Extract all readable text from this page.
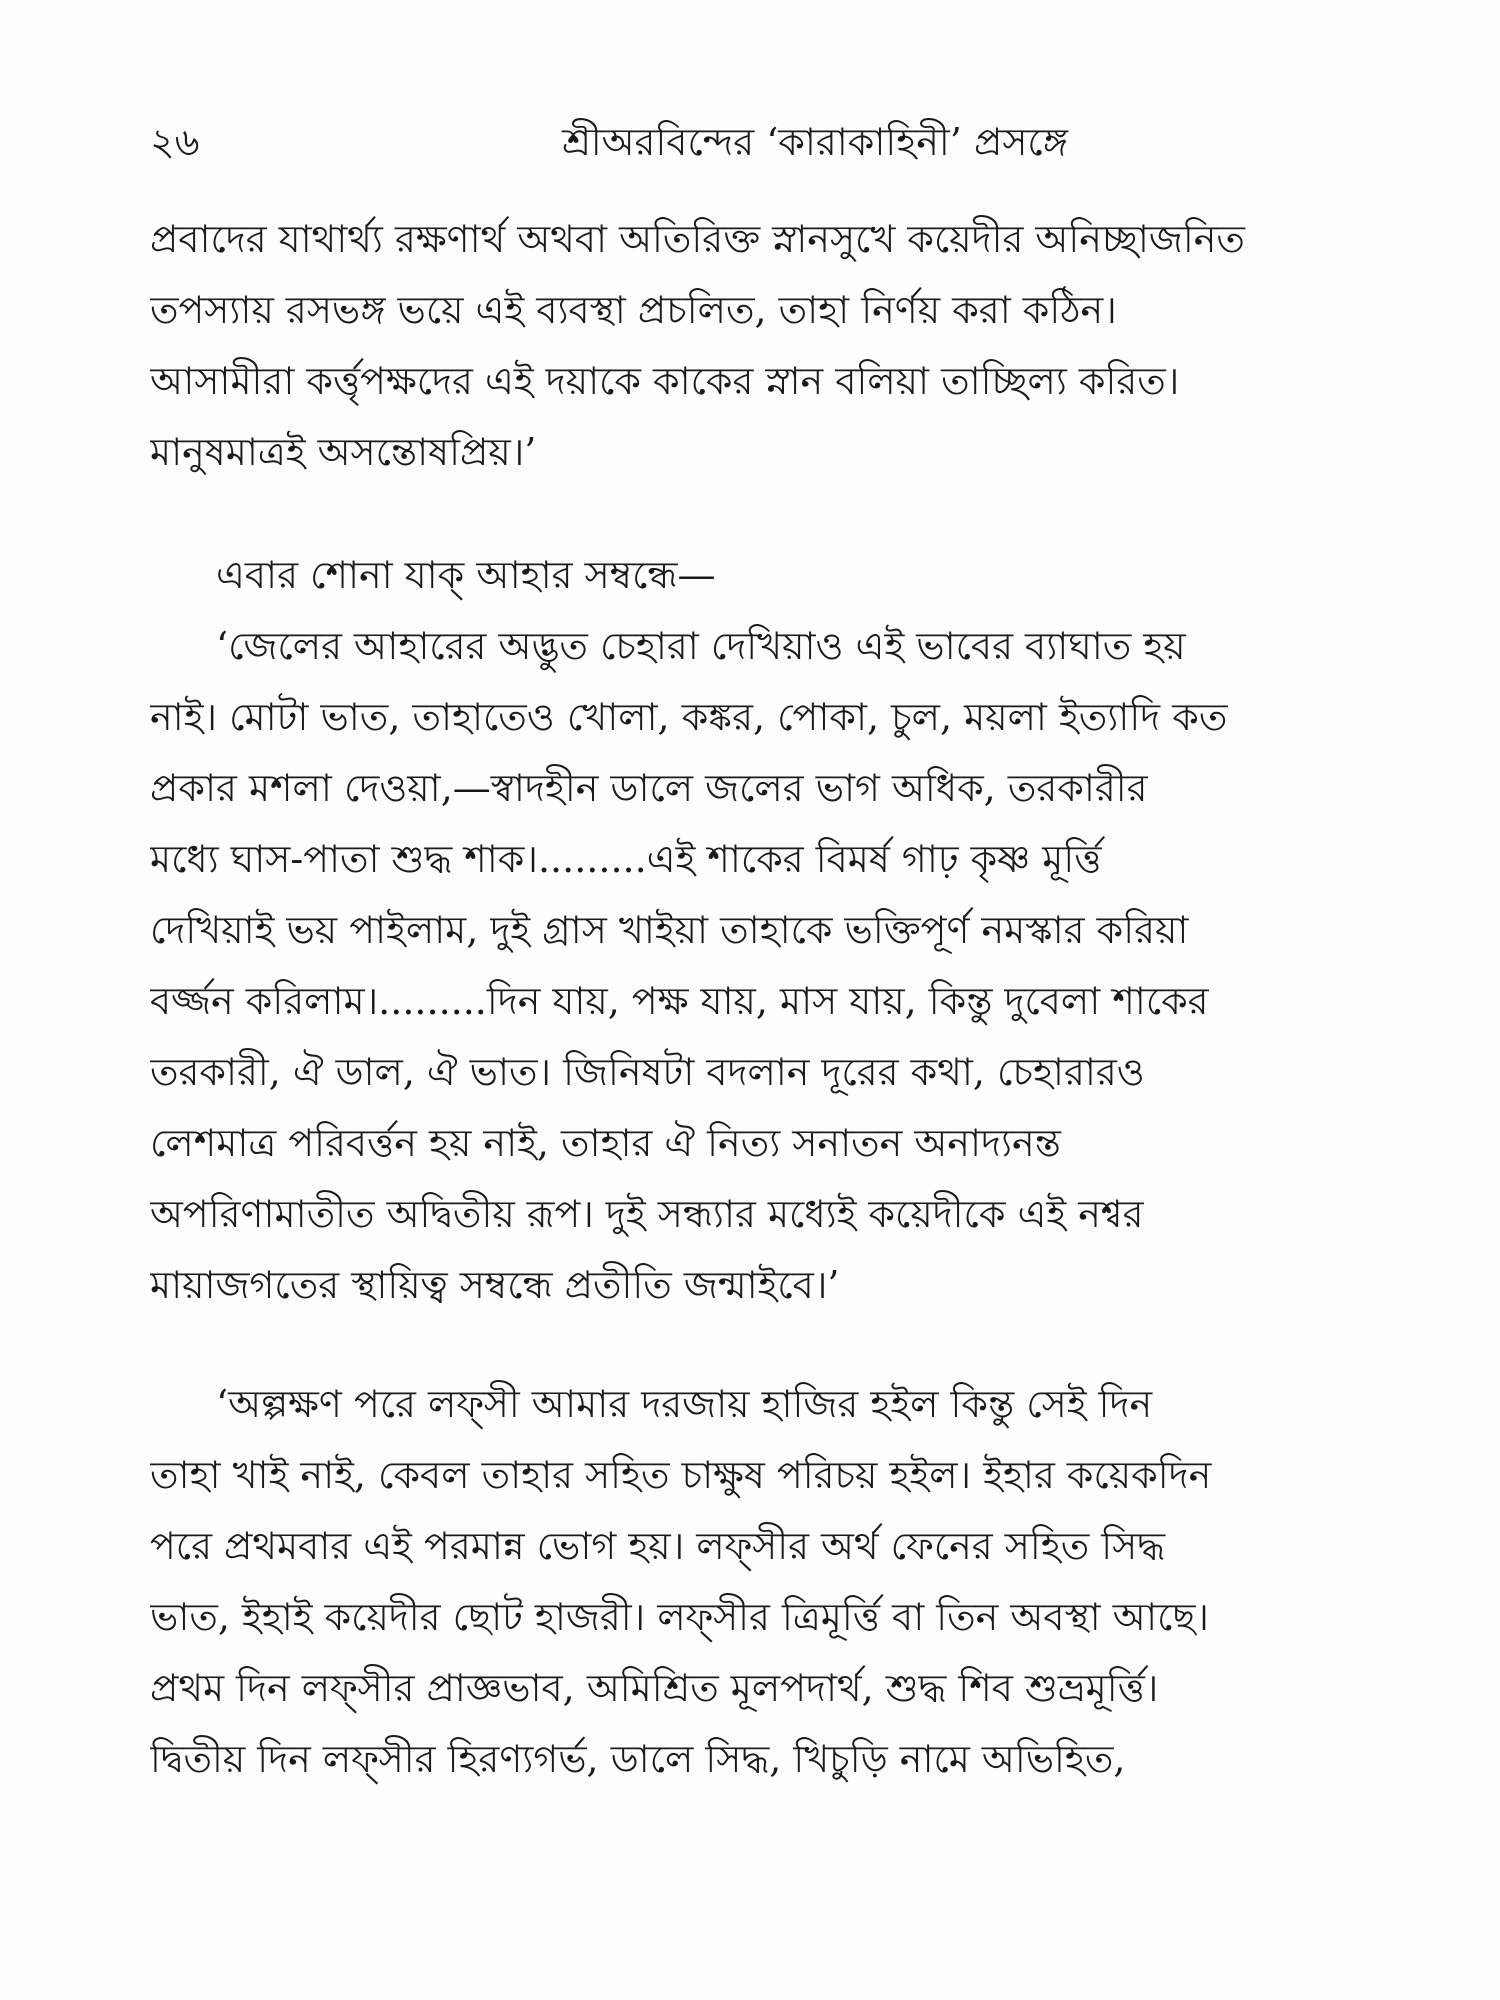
২৬	শ্রীঅরবিন্দের ‘কারাকাহিনী’ প্রসঙ্গে
প্রবাদের যাথার্থ্য রক্ষণার্থ অথবা অতিরিক্ত স্নানসুখে কয়েদীর অনিচ্ছাজনিত
তপস্যায় রসভঙ্গ ভয়ে এই ব্যবস্থা প্রচলিত, তাহা নির্ণয় করা কঠিন।
আসামীরা কর্ত্তৃপক্ষদের এই দয়াকে কাকের স্নান বলিয়া তাচ্ছিল্য করিত।
মানুষমাত্রই অসন্তোষপ্রিয়।’
এবার শোনা যাক্ আহার সম্বন্ধে—
‘জেলের আহারের অদ্ভুত চেহারা দেখিয়াও এই ভাবের ব্যাঘাত হয়
নাই। মোটা ভাত, তাহাতেও খোলা, কঙ্কর, পোকা, চুল, ময়লা ইত্যাদি কত
প্রকার মশলা দেওয়া,—স্বাদহীন ডালে জলের ভাগ অধিক, তরকারীর
মধ্যে ঘাস-পাতা শুদ্ধ শাক।.........এই শাকের বিমর্ষ গাঢ় কৃষ্ণ মূর্ত্তি
দেখিয়াই ভয় পাইলাম, দুই গ্রাস খাইয়া তাহাকে ভক্তিপূর্ণ নমস্কার করিয়া
বর্জ্জন করিলাম।.........দিন যায়, পক্ষ যায়, মাস যায়, কিন্তু দুবেলা শাকের
তরকারী, ঐ ডাল, ঐ ভাত। জিনিষটা বদলান দূরের কথা, চেহারারও
লেশমাত্র পরিবর্ত্তন হয় নাই, তাহার ঐ নিত্য সনাতন অনাদ্যনন্ত
অপরিণামাতীত অদ্বিতীয় রূপ। দুই সন্ধ্যার মধ্যেই কয়েদীকে এই নশ্বর
মায়াজগতের স্থায়িত্ব সম্বন্ধে প্রতীতি জন্মাইবে।’
‘অল্পক্ষণ পরে লফ্সী আমার দরজায় হাজির হইল কিন্তু সেই দিন
তাহা খাই নাই, কেবল তাহার সহিত চাক্ষুষ পরিচয় হইল। ইহার কয়েকদিন
পরে প্রথমবার এই পরমান্ন ভোগ হয়। লফ্সীর অর্থ ফেনের সহিত সিদ্ধ
ভাত, ইহাই কয়েদীর ছোট হাজরী। লফ্সীর ত্রিমূর্ত্তি বা তিন অবস্থা আছে।
প্রথম দিন লফ্সীর প্রাজ্ঞভাব, অমিশ্রিত মূলপদার্থ, শুদ্ধ শিব শুভ্রমূর্ত্তি।
দ্বিতীয় দিন লফ্সীর হিরণ্যগর্ভ, ডালে সিদ্ধ, খিচুড়ি নামে অভিহিত,
